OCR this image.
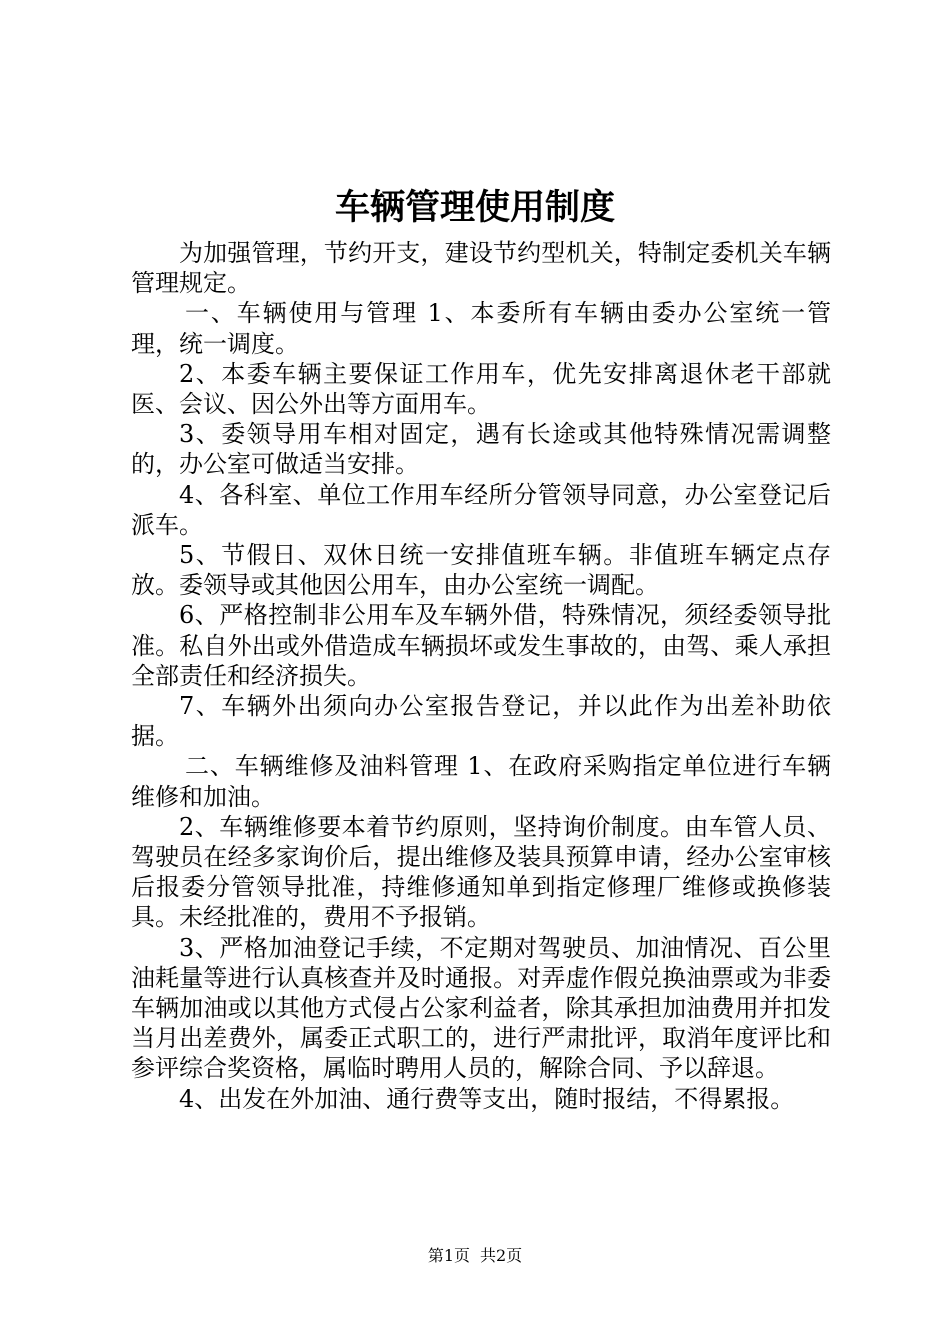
车辆管理使用制度

为加强管理，节约开支，建设节约型机关，特制定委机关车辆管理规定。

一、车辆使用与管理 1、本委所有车辆由委办公室统一管理，统一调度。

2、本委车辆主要保证工作用车，优先安排离退休老干部就医、会议、因公外出等方面用车。

3、委领导用车相对固定，遇有长途或其他特殊情况需调整的，办公室可做适当安排。

4、各科室、单位工作用车经所分管领导同意，办公室登记后派车。

5、节假日、双休日统一安排值班车辆。非值班车辆定点存放。委领导或其他因公用车，由办公室统一调配。

6、严格控制非公用车及车辆外借，特殊情况，须经委领导批准。私自外出或外借造成车辆损坏或发生事故的，由驾、乘人承担全部责任和经济损失。

7、车辆外出须向办公室报告登记，并以此作为出差补助依据。

二、车辆维修及油料管理 1、在政府采购指定单位进行车辆维修和加油。

2、车辆维修要本着节约原则，坚持询价制度。由车管人员、驾驶员在经多家询价后，提出维修及装具预算申请，经办公室审核后报委分管领导批准，持维修通知单到指定修理厂维修或换修装具。未经批准的，费用不予报销。

3、严格加油登记手续，不定期对驾驶员、加油情况、百公里油耗量等进行认真核查并及时通报。对弄虚作假兑换油票或为非委车辆加油或以其他方式侵占公家利益者，除其承担加油费用并扣发当月出差费外，属委正式职工的，进行严肃批评，取消年度评比和参评综合奖资格，属临时聘用人员的，解除合同、予以辞退。

4、出发在外加油、通行费等支出，随时报结，不得累报。

第1页 共2页
